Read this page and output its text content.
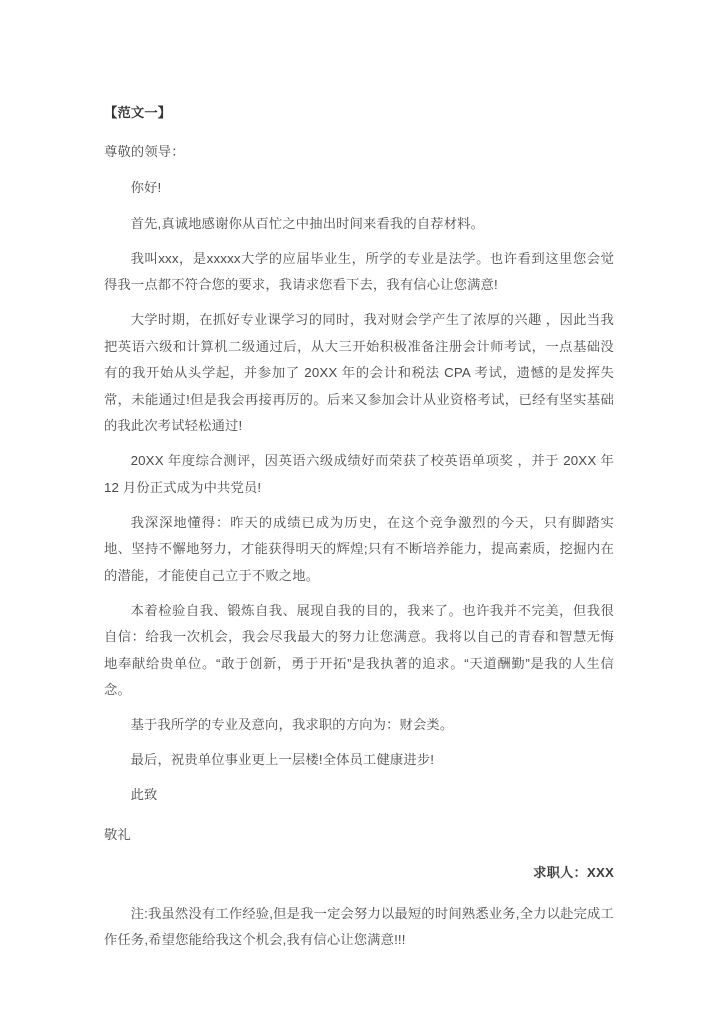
【范文一】

尊敬的领导：

你好!

首先,真诚地感谢你从百忙之中抽出时间来看我的自荐材料。

我叫xxx，是xxxxx大学的应届毕业生，所学的专业是法学。也许看到这里您会觉得我一点都不符合您的要求，我请求您看下去，我有信心让您满意!

大学时期，在抓好专业课学习的同时，我对财会学产生了浓厚的兴趣 ，因此当我把英语六级和计算机二级通过后，从大三开始积极准备注册会计师考试，一点基础没有的我开始从头学起，并参加了 20XX 年的会计和税法 CPA 考试，遗憾的是发挥失常，未能通过!但是我会再接再厉的。后来又参加会计从业资格考试，已经有坚实基础的我此次考试轻松通过!

20XX 年度综合测评，因英语六级成绩好而荣获了校英语单项奖 ，并于 20XX 年 12 月份正式成为中共党员!

我深深地懂得：昨天的成绩已成为历史，在这个竞争激烈的今天，只有脚踏实地、坚持不懈地努力，才能获得明天的辉煌;只有不断培养能力，提高素质，挖掘内在的潜能，才能使自己立于不败之地。

本着检验自我、锻炼自我、展现自我的目的，我来了。也许我并不完美，但我很自信：给我一次机会，我会尽我最大的努力让您满意。我将以自己的青春和智慧无悔地奉献给贵单位。“敢于创新，勇于开拓”是我执著的追求。“天道酬勤”是我的人生信念。

基于我所学的专业及意向，我求职的方向为：财会类。

最后，祝贵单位事业更上一层楼!全体员工健康进步!

此致

敬礼

求职人：XXX

注:我虽然没有工作经验,但是我一定会努力以最短的时间熟悉业务,全力以赴完成工作任务,希望您能给我这个机会,我有信心让您满意!!!
